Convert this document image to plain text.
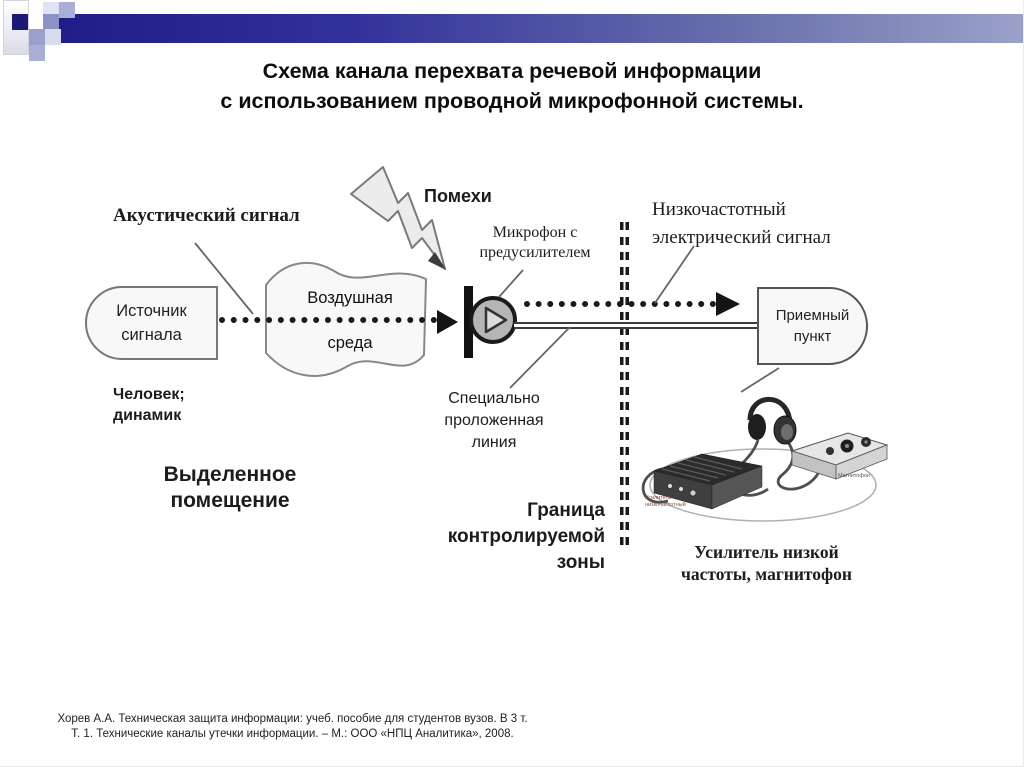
Схема канала перехвата речевой информации
с использованием проводной микрофонной системы.
Воздушная
среда
Источник
сигнала
Приемный
пункт
Акустический сигнал
Помехи
Микрофон с
предусилителем
Низкочастотный
электрический сигнал
Человек;
динамик
Выделенное
помещение
Специально
проложенная
линия
Граница
контролируемой
зоны
Усилитель
низкочастотный
Магнитофон
Усилитель низкой
частоты, магнитофон
Хорев А.А. Техническая защита информации: учеб. пособие для студентов вузов. В 3 т.
Т. 1. Технические каналы утечки информации. – М.: ООО «НПЦ Аналитика», 2008.
